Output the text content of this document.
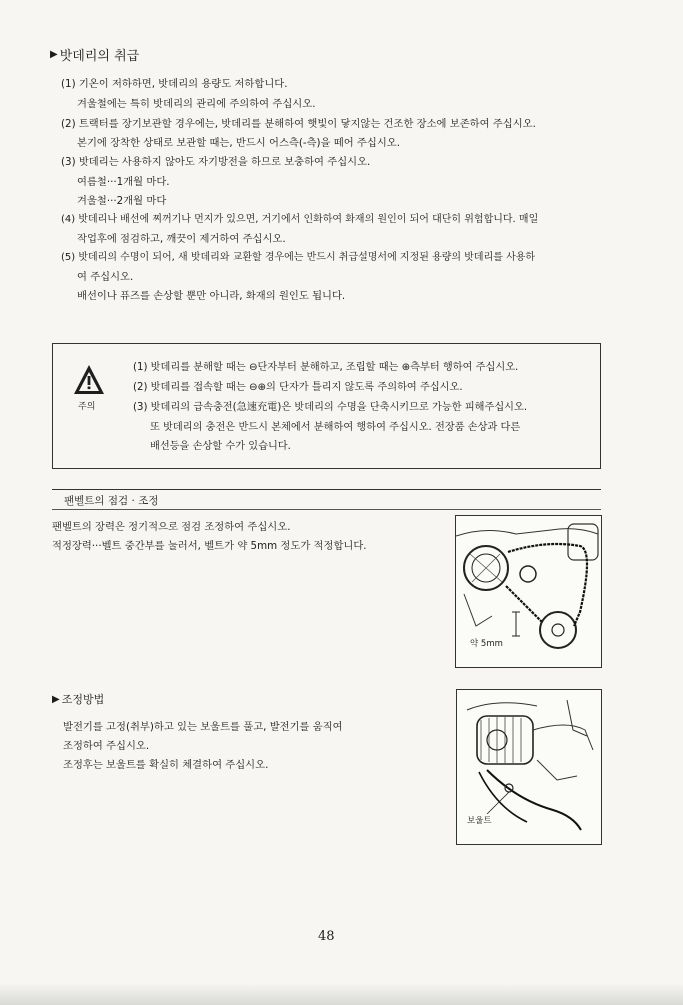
▶ 밧데리의 취급
(1) 기온이 저하하면, 밧데리의 용량도 저하합니다.
겨울철에는 특히 밧데리의 관리에 주의하여 주십시오.
(2) 트랙터를 장기보관할 경우에는, 밧데리를 분해하여 햇빛이 닿지않는 건조한 장소에 보존하여 주십시오.
본기에 장착한 상태로 보관할 때는, 반드시 어스측(-측)을 떼어 주십시오.
(3) 밧데리는 사용하지 않아도 자기방전을 하므로 보충하여 주십시오.
여름철···1개월 마다.
겨울철···2개월 마다
(4) 밧데리나 배선에 찌꺼기나 먼지가 있으면, 거기에서 인화하여 화재의 원인이 되어 대단히 위험합니다. 매일
작업후에 점검하고, 깨끗이 제거하여 주십시오.
(5) 밧데리의 수명이 되어, 새 밧데리와 교환할 경우에는 반드시 취급설명서에 지정된 용량의 밧데리를 사용하
여 주십시오.
배선이나 퓨즈를 손상할 뿐만 아니라, 화재의 원인도 됩니다.
주의
(1) 밧데리를 분해할 때는 ⊖단자부터 분해하고, 조립할 때는 ⊕측부터 행하여 주십시오.
(2) 밧데리를 접속할 때는 ⊖⊕의 단자가 틀리지 않도록 주의하여 주십시오.
(3) 밧데리의 급속충전(急速充電)은 밧데리의 수명을 단축시키므로 가능한 피해주십시오.
또 밧데리의 충전은 반드시 본체에서 분해하여 행하여 주십시오. 전장품 손상과 다른
배선등을 손상할 수가 있습니다.
팬벨트의 점검 · 조정
팬벨트의 장력은 정기적으로 점검 조정하여 주십시오.
적정장력···벨트 중간부를 눌러서, 벨트가 약 5mm 정도가 적정합니다.
약 5mm
▶ 조정방법
발전기를 고정(취부)하고 있는 보울트를 풀고, 발전기를 움직여
조정하여 주십시오.
조정후는 보울트를 확실히 체결하여 주십시오.
보울트
48
